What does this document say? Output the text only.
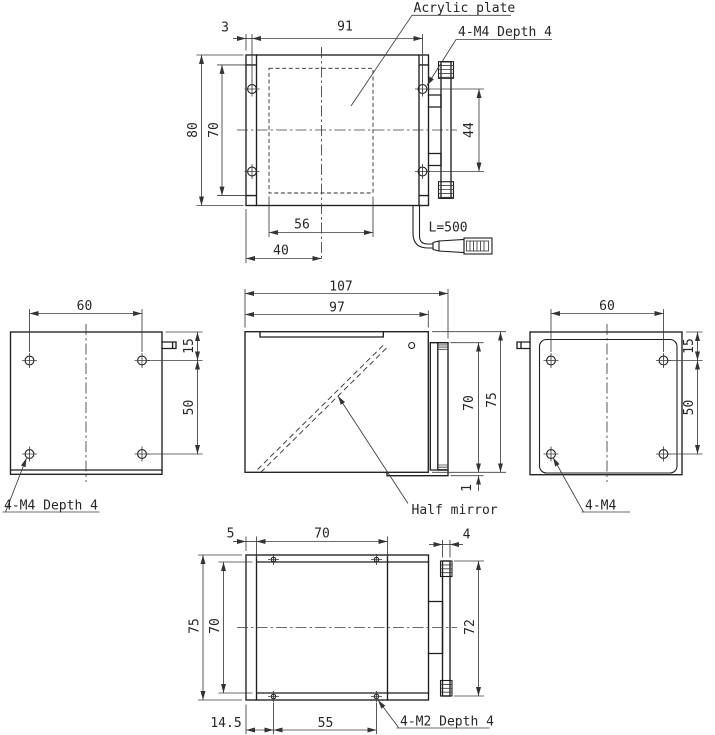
3	91
80 70	44
56
40
Acrylic plate
4-M4 Depth 4
L=500
60
15
50
4-M4 Depth 4
107
97
70 75
1
Half mirror
60
15
50
4-M4
5	70	4
75 70	72
14.5	55	4-M2 Depth 4
